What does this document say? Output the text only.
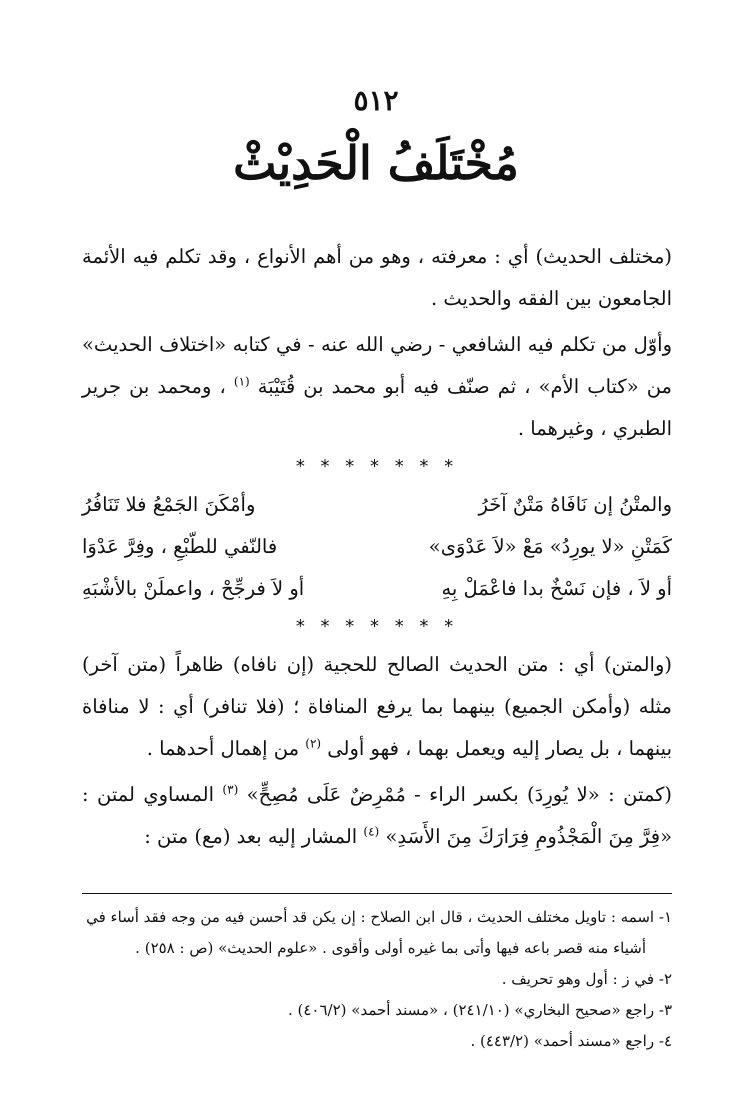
٥١٢
مُخْتَلَفُ الْحَدِيْثْ

(مختلف الحديث) أي : معرفته ، وهو من أهم الأنواع ، وقد تكلم فيه الأئمة الجامعون بين الفقه والحديث .

وأوّل من تكلم فيه الشافعي - رضي الله عنه - في كتابه «اختلاف الحديث» من «كتاب الأم» ، ثم صنّف فيه أبو محمد بن قُتَيْبَة $^{(١)}$ ، ومحمد بن جرير الطبري ، وغيرهما .

* * * * * * *

والمتْنُ إن نَافَاهُ مَتْنٌ آخَرُ
وأمْكَنَ الجَمْعُ فلا تَنَافُرُ
كَمَتْنِ «لا يورِدُ» مَعْ «لاَ عَدْوَى»
فالنّفي للطّبْعِ ، وفِرَّ عَدْوَا
أو لاَ ، فإن نَسْخٌ بدا فاعْمَلْ بِهِ
أو لاَ فرجِّحْ ، واعملَنْ بالأشْبَهِ

* * * * * * *

(والمتن) أي : متن الحديث الصالح للحجية (إن نافاه) ظاهراً (متن آخر) مثله (وأمكن الجميع) بينهما بما يرفع المنافاة ؛ (فلا تنافر) أي : لا منافاة بينهما ، بل يصار إليه ويعمل بهما ، فهو أولى $^{(٢)}$ من إهمال أحدهما .

(كمتن : «لا يُورِدَ) بكسر الراء - مُمْرِضٌ عَلَى مُصِحٍّ» $^{(٣)}$ المساوي لمتن : «فِرَّ مِنَ الْمَجْذُومِ فِرَارَكَ مِنَ الأَسَدِ» $^{(٤)}$ المشار إليه بعد (مع) متن :

١- اسمه : تاويل مختلف الحديث ، قال ابن الصلاح : إن يكن قد أحسن فيه من وجه فقد أساء في

أشياء منه قصر باعه فيها وأتى بما غيره أولى وأقوى . «علوم الحديث» (ص : ٢٥٨) .

٢- في ز : أول وهو تحريف .

٣- راجع «صحيح البخاري» (٢٤١/١٠) ، «مسند أحمد» (٤٠٦/٢) .

٤- راجع «مسند أحمد» (٤٤٣/٢) .
